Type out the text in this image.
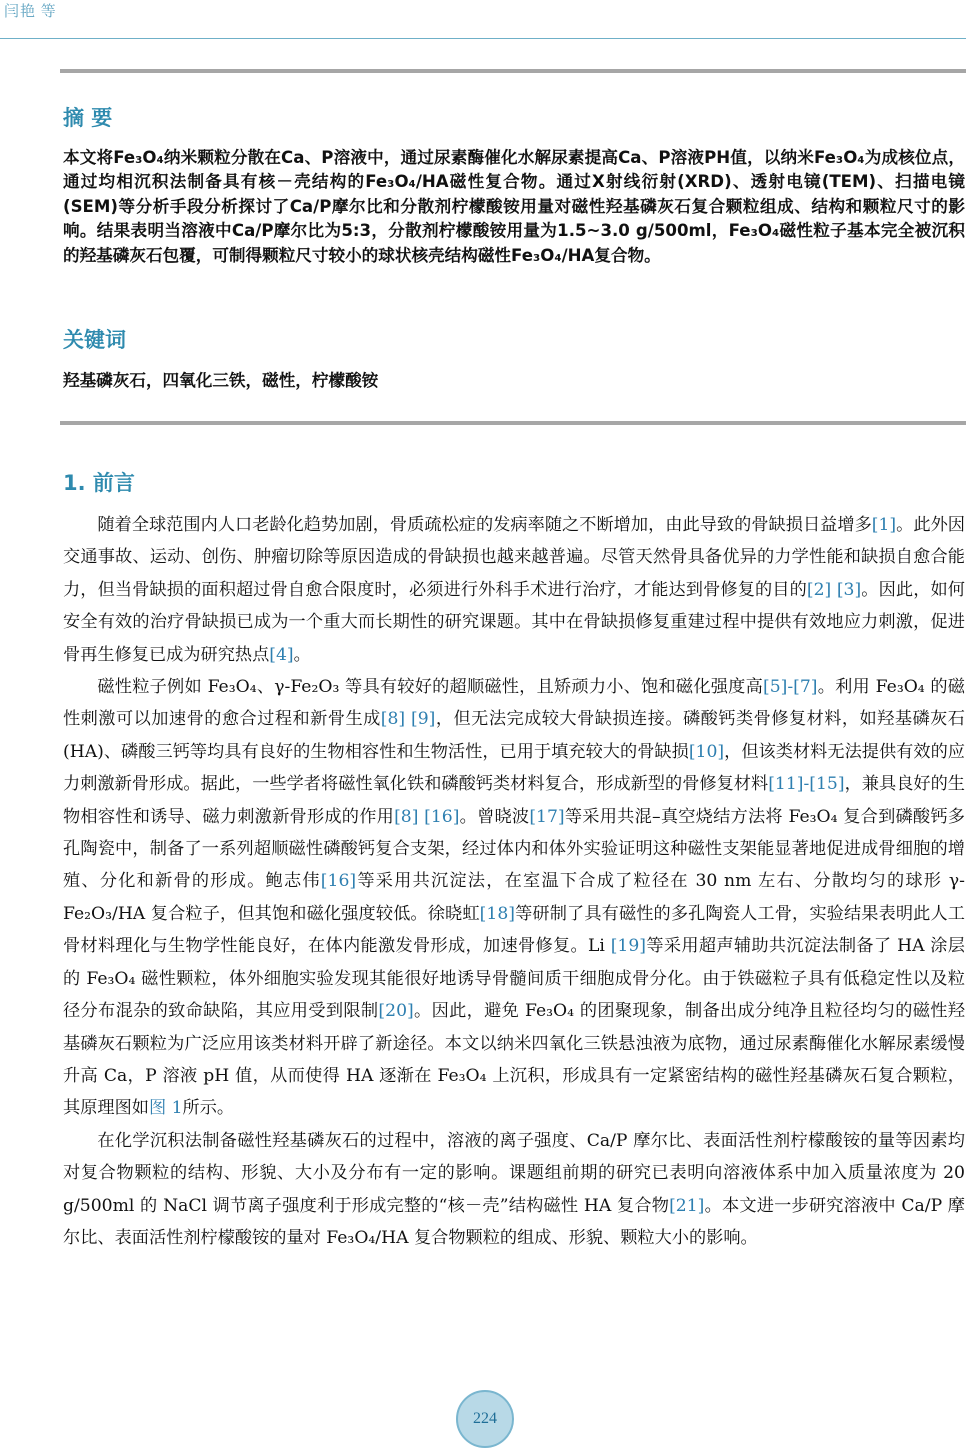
闫艳 等
摘 要
本文将Fe₃O₄纳米颗粒分散在Ca、P溶液中，通过尿素酶催化水解尿素提高Ca、P溶液PH值，以纳米Fe₃O₄为成核位点，通过均相沉积法制备具有核－壳结构的Fe₃O₄/HA磁性复合物。通过X射线衍射(XRD)、透射电镜(TEM)、扫描电镜(SEM)等分析手段分析探讨了Ca/P摩尔比和分散剂柠檬酸铵用量对磁性羟基磷灰石复合颗粒组成、结构和颗粒尺寸的影响。结果表明当溶液中Ca/P摩尔比为5:3，分散剂柠檬酸铵用量为1.5~3.0 g/500ml，Fe₃O₄磁性粒子基本完全被沉积的羟基磷灰石包覆，可制得颗粒尺寸较小的球状核壳结构磁性Fe₃O₄/HA复合物。
关键词
羟基磷灰石，四氧化三铁，磁性，柠檬酸铵
1. 前言

随着全球范围内人口老龄化趋势加剧，骨质疏松症的发病率随之不断增加，由此导致的骨缺损日益增多[1]。此外因交通事故、运动、创伤、肿瘤切除等原因造成的骨缺损也越来越普遍。尽管天然骨具备优异的力学性能和缺损自愈合能力，但当骨缺损的面积超过骨自愈合限度时，必须进行外科手术进行治疗，才能达到骨修复的目的[2] [3]。因此，如何安全有效的治疗骨缺损已成为一个重大而长期性的研究课题。其中在骨缺损修复重建过程中提供有效地应力刺激，促进骨再生修复已成为研究热点[4]。

磁性粒子例如 Fe₃O₄、γ-Fe₂O₃ 等具有较好的超顺磁性，且矫顽力小、饱和磁化强度高[5]-[7]。利用 Fe₃O₄ 的磁性刺激可以加速骨的愈合过程和新骨生成[8] [9]，但无法完成较大骨缺损连接。磷酸钙类骨修复材料，如羟基磷灰石(HA)、磷酸三钙等均具有良好的生物相容性和生物活性，已用于填充较大的骨缺损[10]，但该类材料无法提供有效的应力刺激新骨形成。据此，一些学者将磁性氧化铁和磷酸钙类材料复合，形成新型的骨修复材料[11]-[15]，兼具良好的生物相容性和诱导、磁力刺激新骨形成的作用[8] [16]。曾晓波[17]等采用共混–真空烧结方法将 Fe₃O₄ 复合到磷酸钙多孔陶瓷中，制备了一系列超顺磁性磷酸钙复合支架，经过体内和体外实验证明这种磁性支架能显著地促进成骨细胞的增殖、分化和新骨的形成。鲍志伟[16]等采用共沉淀法，在室温下合成了粒径在 30 nm 左右、分散均匀的球形 γ-Fe₂O₃/HA 复合粒子，但其饱和磁化强度较低。徐晓虹[18]等研制了具有磁性的多孔陶瓷人工骨，实验结果表明此人工骨材料理化与生物学性能良好，在体内能激发骨形成，加速骨修复。Li [19]等采用超声辅助共沉淀法制备了 HA 涂层的 Fe₃O₄ 磁性颗粒，体外细胞实验发现其能很好地诱导骨髓间质干细胞成骨分化。由于铁磁粒子具有低稳定性以及粒径分布混杂的致命缺陷，其应用受到限制[20]。因此，避免 Fe₃O₄ 的团聚现象，制备出成分纯净且粒径均匀的磁性羟基磷灰石颗粒为广泛应用该类材料开辟了新途径。本文以纳米四氧化三铁悬浊液为底物，通过尿素酶催化水解尿素缓慢升高 Ca，P 溶液 pH 值，从而使得 HA 逐渐在 Fe₃O₄ 上沉积，形成具有一定紧密结构的磁性羟基磷灰石复合颗粒，其原理图如图 1所示。

在化学沉积法制备磁性羟基磷灰石的过程中，溶液的离子强度、Ca/P 摩尔比、表面活性剂柠檬酸铵的量等因素均对复合物颗粒的结构、形貌、大小及分布有一定的影响。课题组前期的研究已表明向溶液体系中加入质量浓度为 20 g/500ml 的 NaCl 调节离子强度利于形成完整的“核－壳”结构磁性 HA 复合物[21]。本文进一步研究溶液中 Ca/P 摩尔比、表面活性剂柠檬酸铵的量对 Fe₃O₄/HA 复合物颗粒的组成、形貌、颗粒大小的影响。

224
